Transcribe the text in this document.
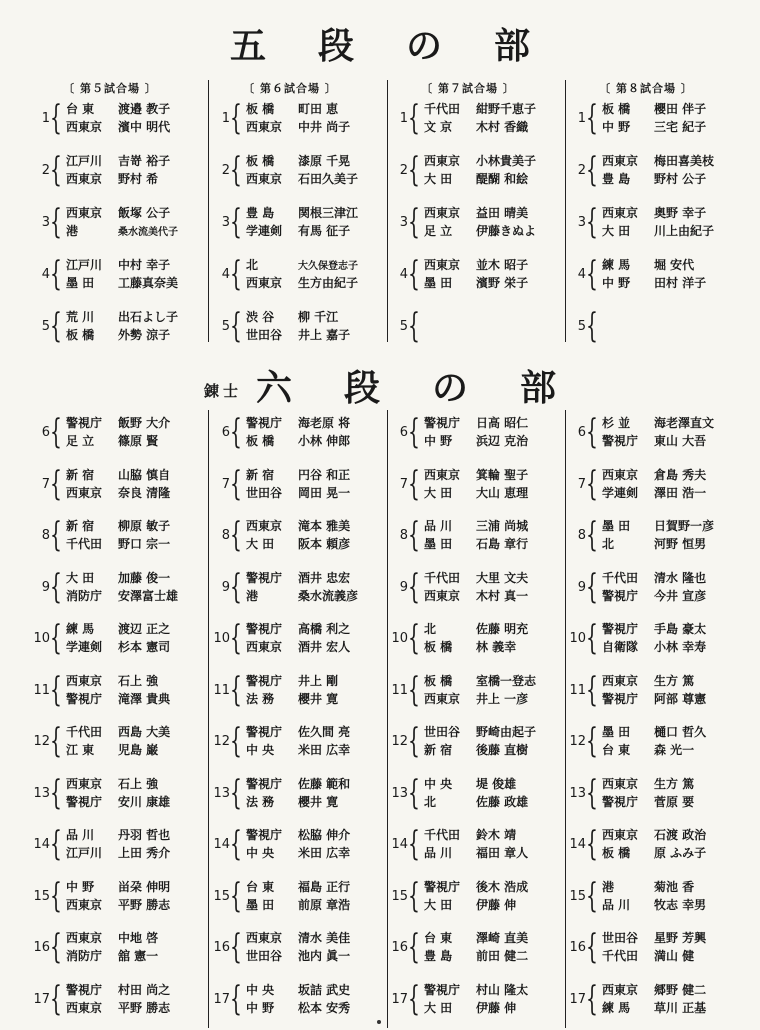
五段の部
錬士 六段の部
〔 第５試合場 〕	〔 第６試合場 〕	〔 第７試合場 〕	〔 第８試合場 〕
1 { 台 東 渡邉 教子
西東京 濱中 明代
2 { 江戸川 吉嵜 裕子
西東京 野村 希
3 { 西東京 飯塚 公子
港	桑水流美代子
4 { 江戸川 中村 幸子
墨 田 工藤真奈美
5 { 荒 川 出石よし子
板 橋 外勢 涼子
1 { 板 橋 町田 恵
西東京 中井 尚子
2 { 板 橋 漆原 千晃
西東京 石田久美子
3 { 豊 島 関根三津江
学連剣 有馬 征子
4 { 北	大久保登志子
西東京 生方由紀子
5 { 渋 谷 柳 千江
世田谷 井上 嘉子
1 { 千代田 紺野千恵子
文 京 木村 香織
2 { 西東京 小林貴美子
大 田 醍醐 和絵
3 { 西東京 益田 晴美
足 立 伊藤きぬよ
4 { 西東京 並木 昭子
墨 田 濱野 栄子
5 {
1 { 板 橋 櫻田 伴子
中 野 三宅 紀子
2 { 西東京 梅田喜美枝
豊 島 野村 公子
3 { 西東京 奥野 幸子
大 田 川上由紀子
4 { 練 馬 堀 安代
中 野 田村 洋子
5 {
6 { 警視庁 飯野 大介
足 立 篠原 賢
7 { 新 宿 山脇 慎自
西東京 奈良 清隆
8 { 新 宿 柳原 敏子
千代田 野口 宗一
9 { 大 田 加藤 俊一
消防庁 安澤富士雄
10 { 練 馬 渡辺 正之
学連剣 杉本 憲司
11 { 西東京 石上 強
警視庁 滝澤 貴典
12 { 千代田 西島 大美
江 東 児島 巌
13 { 西東京 石上 強
警視庁 安川 康雄
14 { 品 川 丹羽 哲也
江戸川 上田 秀介
15 { 中 野 畄朶 伸明
西東京 平野 勝志
16 { 西東京 中地 啓
消防庁 舘 憲一
17 { 警視庁 村田 尚之
西東京 平野 勝志
6 { 警視庁 海老原 将
板 橋 小林 伸郎
7 { 新 宿 円谷 和正
世田谷 岡田 晃一
8 { 西東京 滝本 雅美
大 田 阪本 頼彦
9 { 警視庁 酒井 忠宏
港	桑水流義彦
10 { 警視庁 高橋 利之
西東京 酒井 宏人
11 { 警視庁 井上 剛
法 務 櫻井 寛
12 { 警視庁 佐久間 亮
中 央 米田 広幸
13 { 警視庁 佐藤 範和
法 務 櫻井 寛
14 { 警視庁 松脇 伸介
中 央 米田 広幸
15 { 台 東 福島 正行
墨 田 前原 章浩
16 { 西東京 清水 美佳
世田谷 池内 眞一
17 { 中 央 坂詰 武史
中 野 松本 安秀
6 { 警視庁 日高 昭仁
中 野 浜辺 克治
7 { 西東京 箕輪 聖子
大 田 大山 恵理
8 { 品 川 三浦 尚城
墨 田 石島 章行
9 { 千代田 大里 文夫
西東京 木村 真一
10 { 北	佐藤 明充
板 橋 林 義幸
11 { 板 橋 室橋一登志
西東京 井上 一彦
12 { 世田谷 野崎由起子
新 宿 後藤 直樹
13 { 中 央 堤 俊雄
北	佐藤 政雄
14 { 千代田 鈴木 靖
品 川 福田 章人
15 { 警視庁 後木 浩成
大 田 伊藤 伸
16 { 台 東 澤崎 直美
豊 島 前田 健二
17 { 警視庁 村山 隆太
大 田 伊藤 伸
6 { 杉 並 海老澤直文
警視庁 東山 大吾
7 { 西東京 倉島 秀夫
学連剣 澤田 浩一
8 { 墨 田 日賀野一彦
北	河野 恒男
9 { 千代田 清水 隆也
警視庁 今井 宣彦
10 { 警視庁 手島 豪太
自衛隊 小林 幸寿
11 { 西東京 生方 篤
警視庁 阿部 尊憲
12 { 墨 田 樋口 哲久
台 東 森 光一
13 { 西東京 生方 篤
警視庁 菅原 要
14 { 西東京 石渡 政治
板 橋 原 ふみ子
15 { 港	菊池 香
品 川 牧志 幸男
16 { 世田谷 星野 芳興
千代田 満山 健
17 { 西東京 郷野 健二
練 馬 草川 正基
